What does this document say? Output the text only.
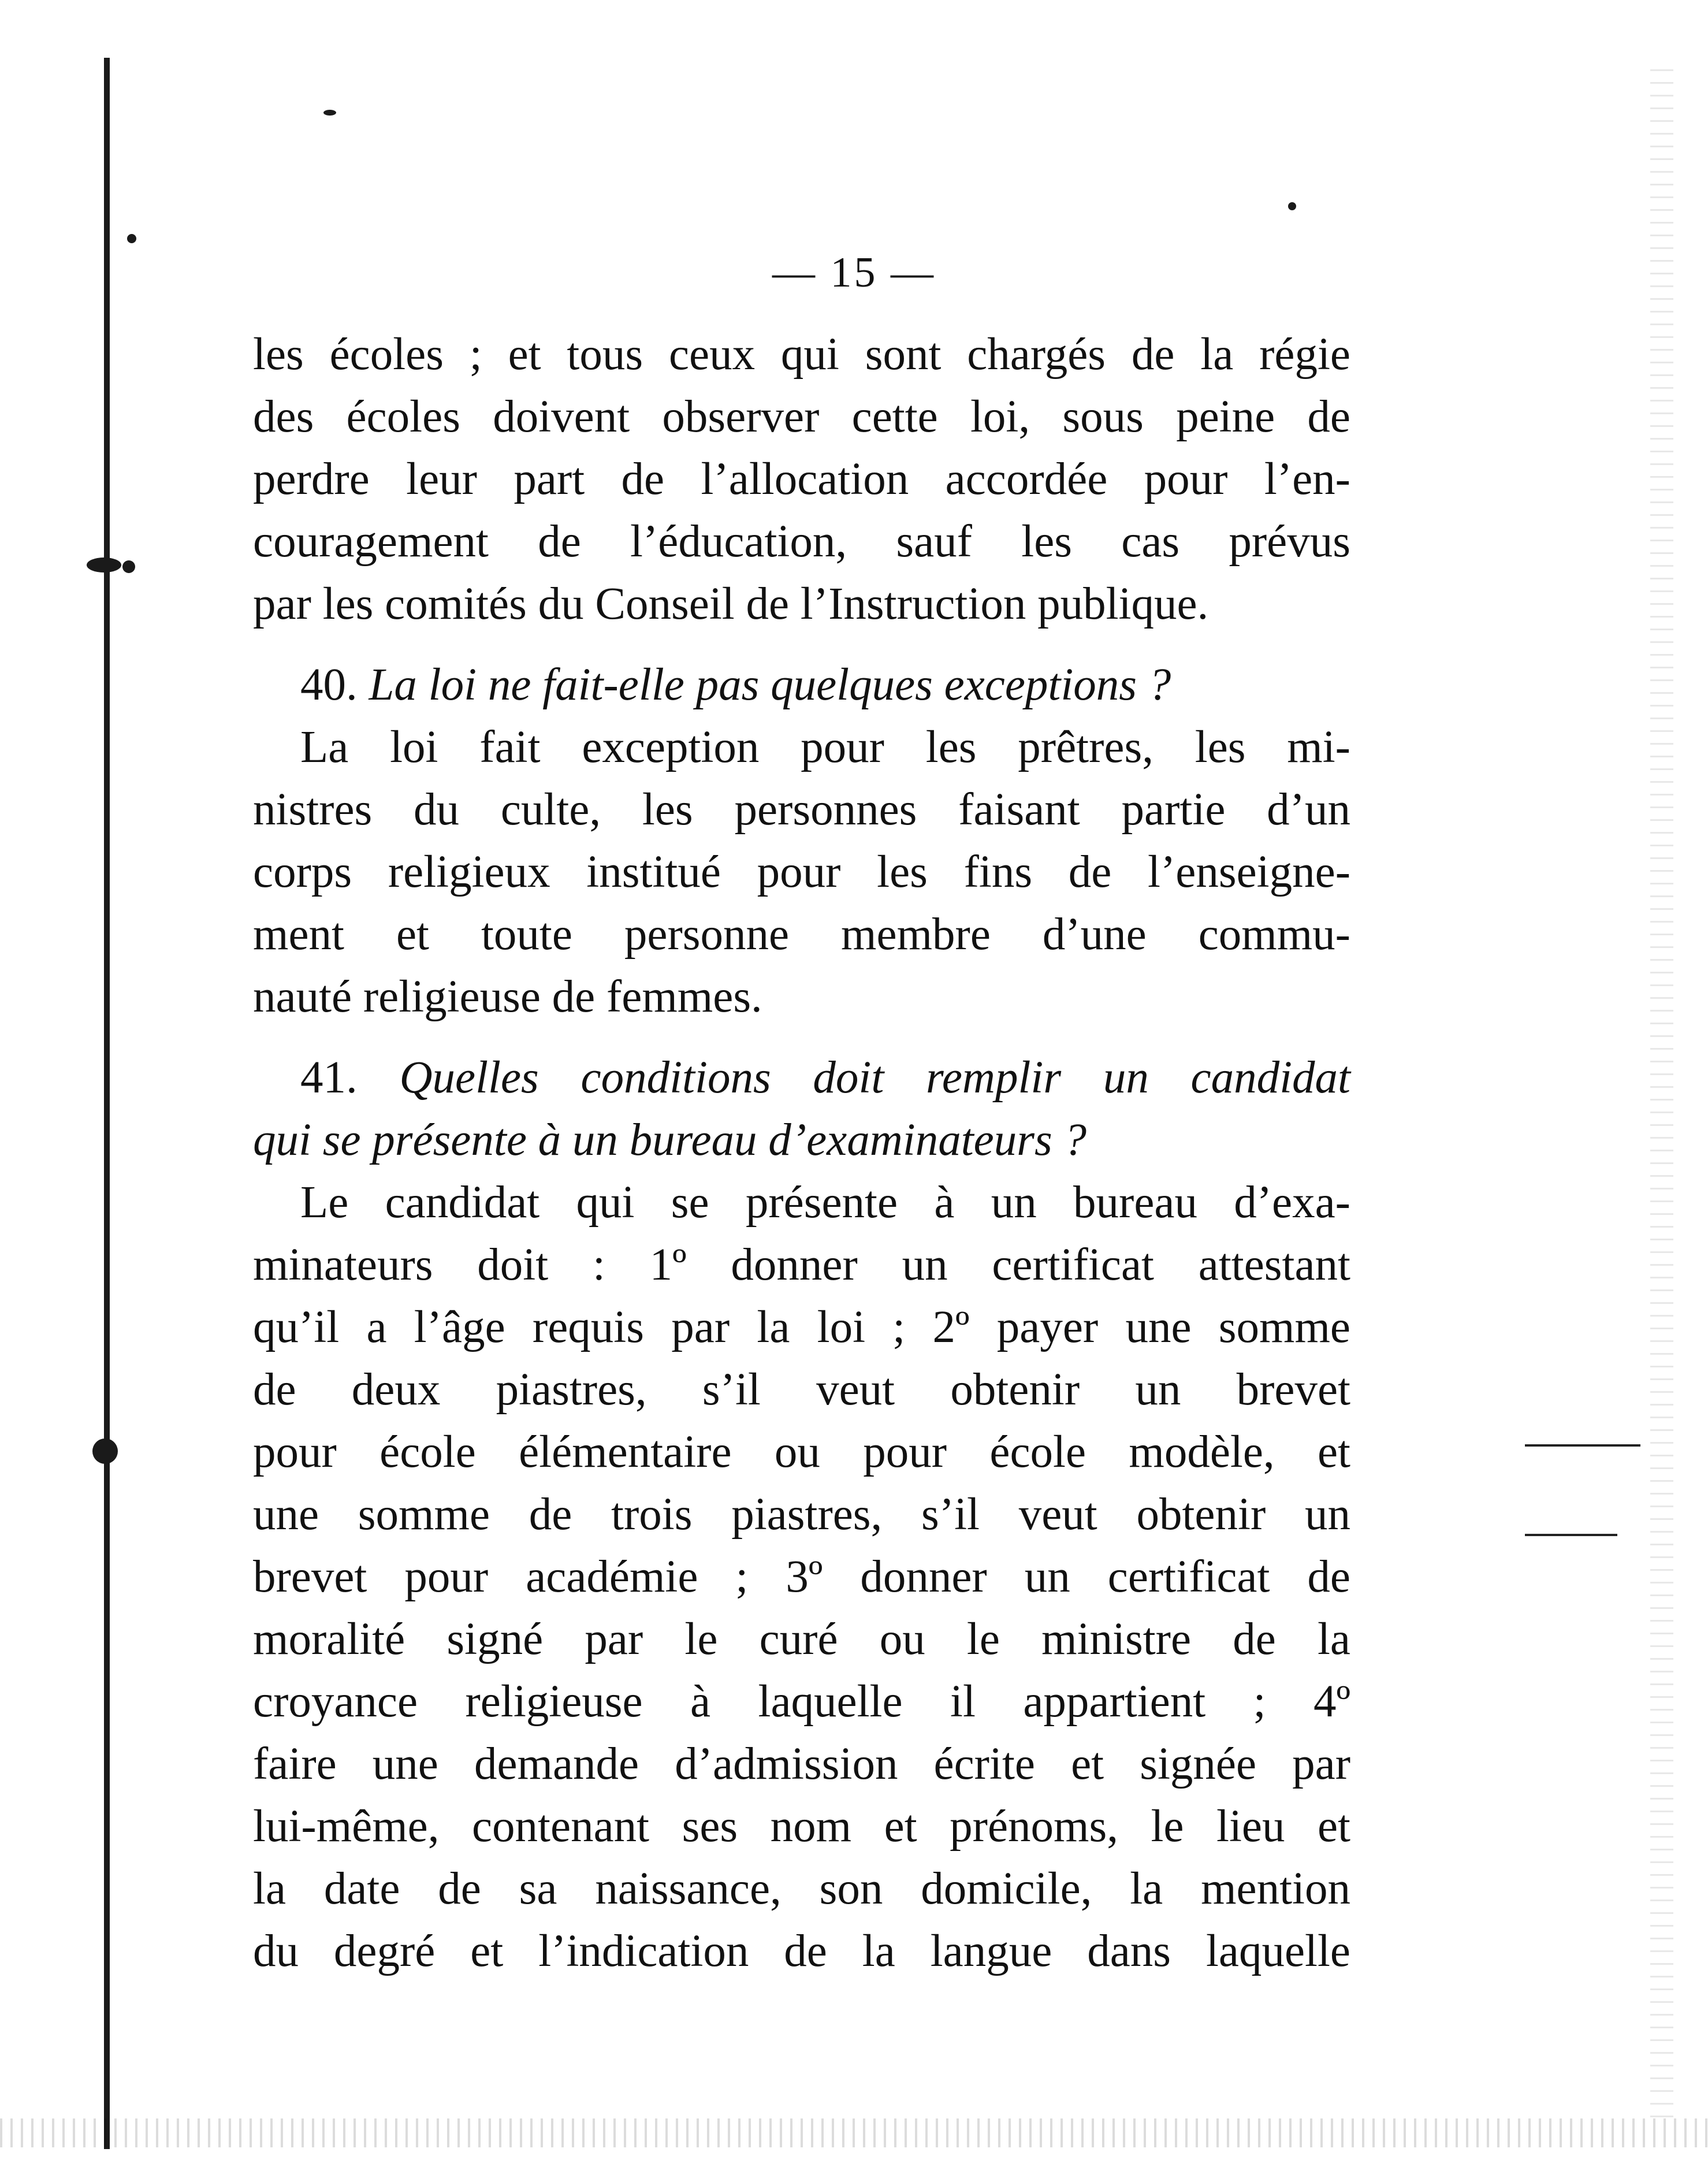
— 15 —
les écoles ; et tous ceux qui sont chargés de la régie
des écoles doivent observer cette loi, sous peine de
perdre leur part de l’allocation accordée pour l’en-
couragement de l’éducation, sauf les cas prévus
par les comités du Conseil de l’Instruction publique.
40. La loi ne fait-elle pas quelques exceptions ?
La loi fait exception pour les prêtres, les mi-
nistres du culte, les personnes faisant partie d’un
corps religieux institué pour les fins de l’enseigne-
ment et toute personne membre d’une commu-
nauté religieuse de femmes.
41. Quelles conditions doit remplir un candidat
qui se présente à un bureau d’examinateurs ?
Le candidat qui se présente à un bureau d’exa-
minateurs doit : 1º donner un certificat attestant
qu’il a l’âge requis par la loi ; 2º payer une somme
de deux piastres, s’il veut obtenir un brevet
pour école élémentaire ou pour école modèle, et
une somme de trois piastres, s’il veut obtenir un
brevet pour académie ; 3º donner un certificat de
moralité signé par le curé ou le ministre de la
croyance religieuse à laquelle il appartient ; 4º
faire une demande d’admission écrite et signée par
lui-même, contenant ses nom et prénoms, le lieu et
la date de sa naissance, son domicile, la mention
du degré et l’indication de la langue dans laquelle
